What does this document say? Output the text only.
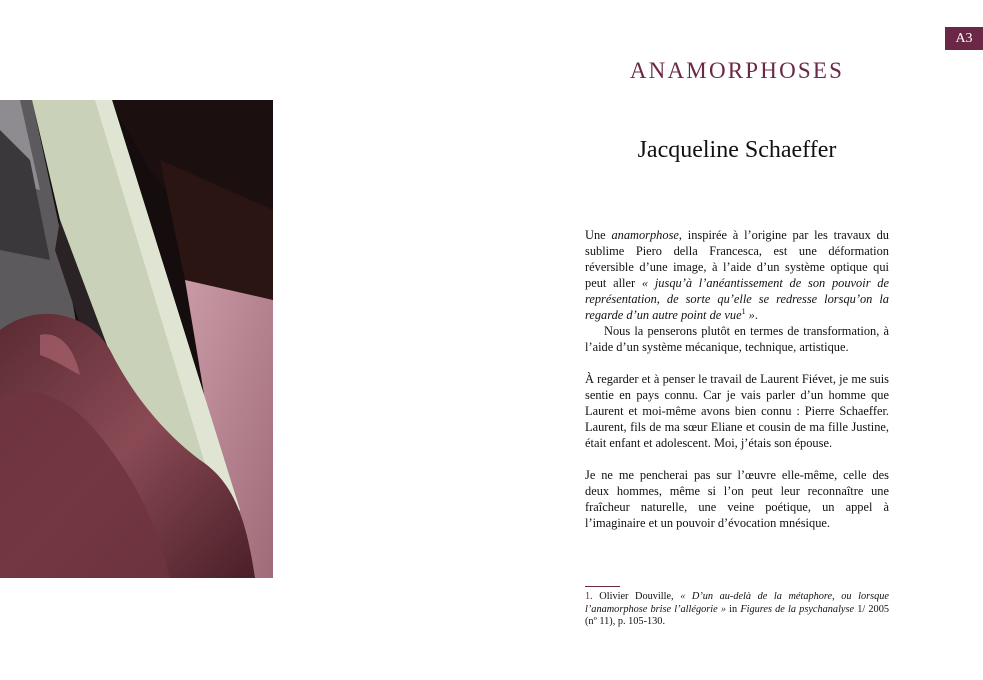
A3
ANAMORPHOSES
Jacqueline Schaeffer

Une anamorphose, inspirée à l’origine par les travaux du sublime Piero della Francesca, est une déformation réversible d’une image, à l’aide d’un système optique qui peut aller « jusqu’à l’anéantissement de son pouvoir de représentation, de sorte qu’elle se redresse lorsqu’on la regarde d’un autre point de vue$^1$ ».

Nous la penserons plutôt en termes de transformation, à l’aide d’un système mécanique, technique, artistique.

À regarder et à penser le travail de Laurent Fiévet, je me suis sentie en pays connu. Car je vais parler d’un homme que Laurent et moi-même avons bien connu : Pierre Schaeffer. Laurent, fils de ma sœur Eliane et cousin de ma fille Justine, était enfant et adolescent. Moi, j’étais son épouse.

Je ne me pencherai pas sur l’œuvre elle-même, celle des deux hommes, même si l’on peut leur reconnaître une fraîcheur naturelle, une veine poétique, un appel à l’imaginaire et un pouvoir d’évocation mnésique.

1. Olivier Douville, « D’un au-delà de la métaphore, ou lorsque l’anamorphose brise l’allégorie » in Figures de la psychanalyse 1/ 2005 (nº 11), p. 105-130.
